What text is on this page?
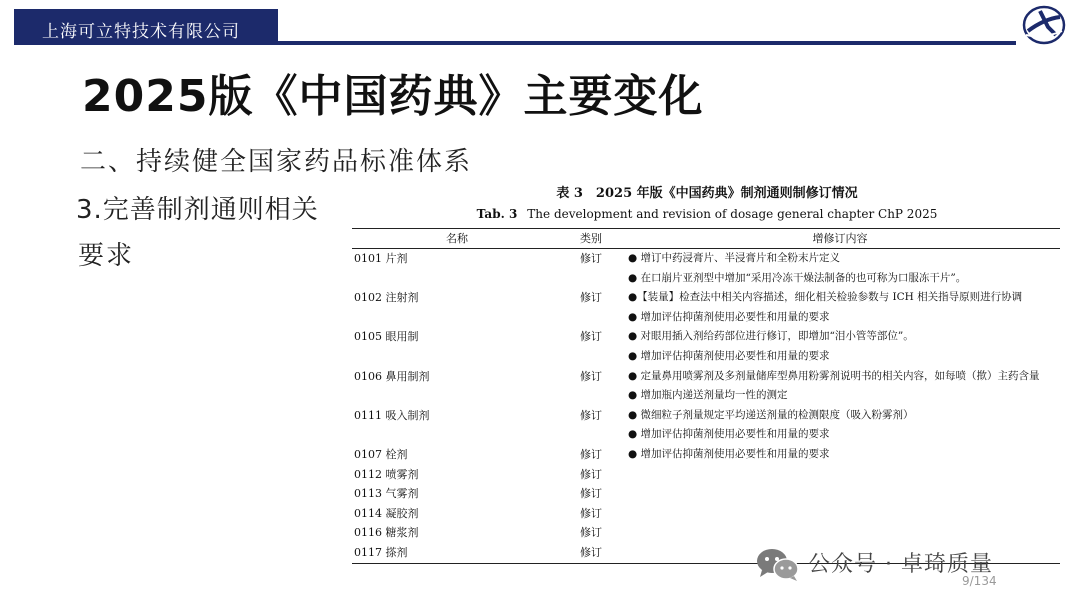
上海可立特技术有限公司
2025版《中国药典》主要变化
二、持续健全国家药品标准体系
3.完善制剂通则相关
要求
表 3　2025 年版《中国药典》制剂通则制修订情况
Tab. 3 The development and revision of dosage general chapter ChP 2025
名称	类别	增修订内容
0101 片剂	修订	● 增订中药浸膏片、半浸膏片和全粉末片定义
		● 在口崩片亚剂型中增加“采用冷冻干燥法制备的也可称为口服冻干片”。
0102 注射剂	修订	●【装量】检查法中相关内容描述，细化相关检验参数与 ICH 相关指导原则进行协调
		● 增加评估抑菌剂使用必要性和用量的要求
0105 眼用制	修订	● 对眼用插入剂给药部位进行修订，即增加“泪小管等部位”。
		● 增加评估抑菌剂使用必要性和用量的要求
0106 鼻用制剂	修订	● 定量鼻用喷雾剂及多剂量储库型鼻用粉雾剂说明书的相关内容，如每喷（揿）主药含量
		● 增加瓶内递送剂量均一性的测定
0111 吸入制剂	修订	● 微细粒子剂量规定平均递送剂量的检测限度（吸入粉雾剂）
		● 增加评估抑菌剂使用必要性和用量的要求
0107 栓剂	修订	● 增加评估抑菌剂使用必要性和用量的要求
0112 喷雾剂	修订	
0113 气雾剂	修订	
0114 凝胶剂	修订	
0116 糖浆剂	修订	
0117 搽剂	修订		公众号 · 卓琦质量
9/134
